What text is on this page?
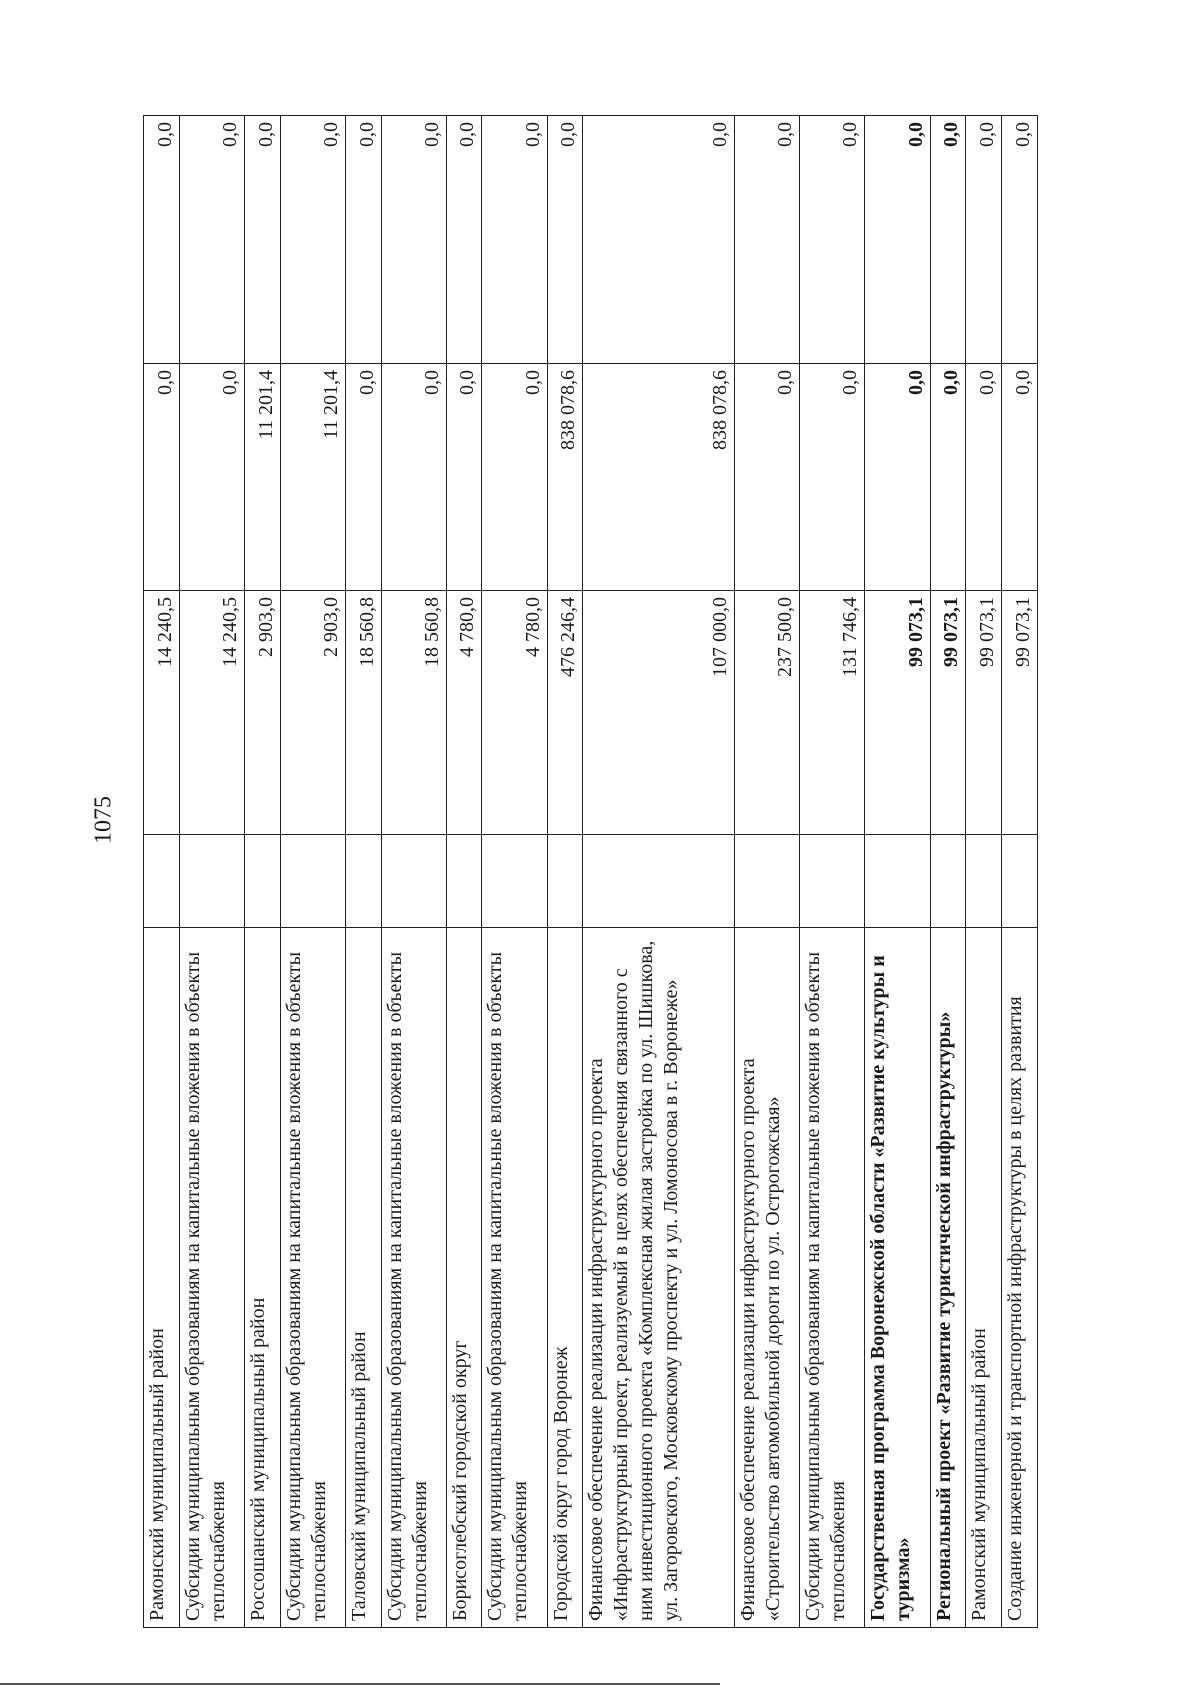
1075
Рамонский муниципальный район		14 240,5	0,0	0,0
Субсидии муниципальным образованиям на капитальные вложения в объекты теплоснабжения		14 240,5	0,0	0,0
Россошанский муниципальный район		2 903,0	11 201,4	0,0
Субсидии муниципальным образованиям на капитальные вложения в объекты теплоснабжения		2 903,0	11 201,4	0,0
Таловский муниципальный район		18 560,8	0,0	0,0
Субсидии муниципальным образованиям на капитальные вложения в объекты теплоснабжения		18 560,8	0,0	0,0
Борисоглебский городской округ		4 780,0	0,0	0,0
Субсидии муниципальным образованиям на капитальные вложения в объекты теплоснабжения		4 780,0	0,0	0,0
Городской округ город Воронеж		476 246,4	838 078,6	0,0
Финансовое обеспечение реализации инфраструктурного проекта «Инфраструктурный проект, реализуемый в целях обеспечения связанного с ним инвестиционного проекта «Комплексная жилая застройка по ул. Шишкова, ул. Загоровского, Московскому проспекту и ул. Ломоносова в г. Воронеже»		107 000,0	838 078,6	0,0
Финансовое обеспечение реализации инфраструктурного проекта «Строительство автомобильной дороги по ул. Острогожская»		237 500,0	0,0	0,0
Субсидии муниципальным образованиям на капитальные вложения в объекты теплоснабжения		131 746,4	0,0	0,0
Государственная программа Воронежской области «Развитие культуры и туризма»		99 073,1	0,0	0,0
Региональный проект «Развитие туристической инфраструктуры»		99 073,1	0,0	0,0
Рамонский муниципальный район		99 073,1	0,0	0,0
Создание инженерной и транспортной инфраструктуры в целях развития		99 073,1	0,0	0,0
